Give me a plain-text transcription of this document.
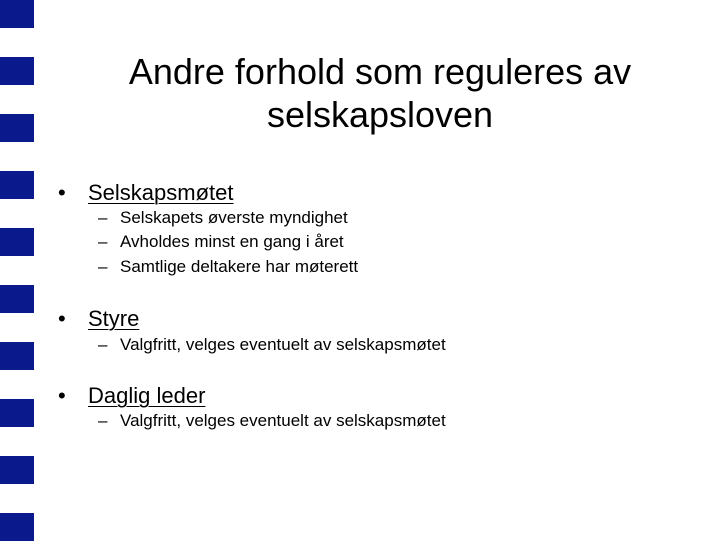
Andre forhold som reguleres av
selskapsloven
• Selskapsmøtet
– Selskapets øverste myndighet
– Avholdes minst en gang i året
– Samtlige deltakere har møterett
• Styre
– Valgfritt, velges eventuelt av selskapsmøtet
• Daglig leder
– Valgfritt, velges eventuelt av selskapsmøtet
